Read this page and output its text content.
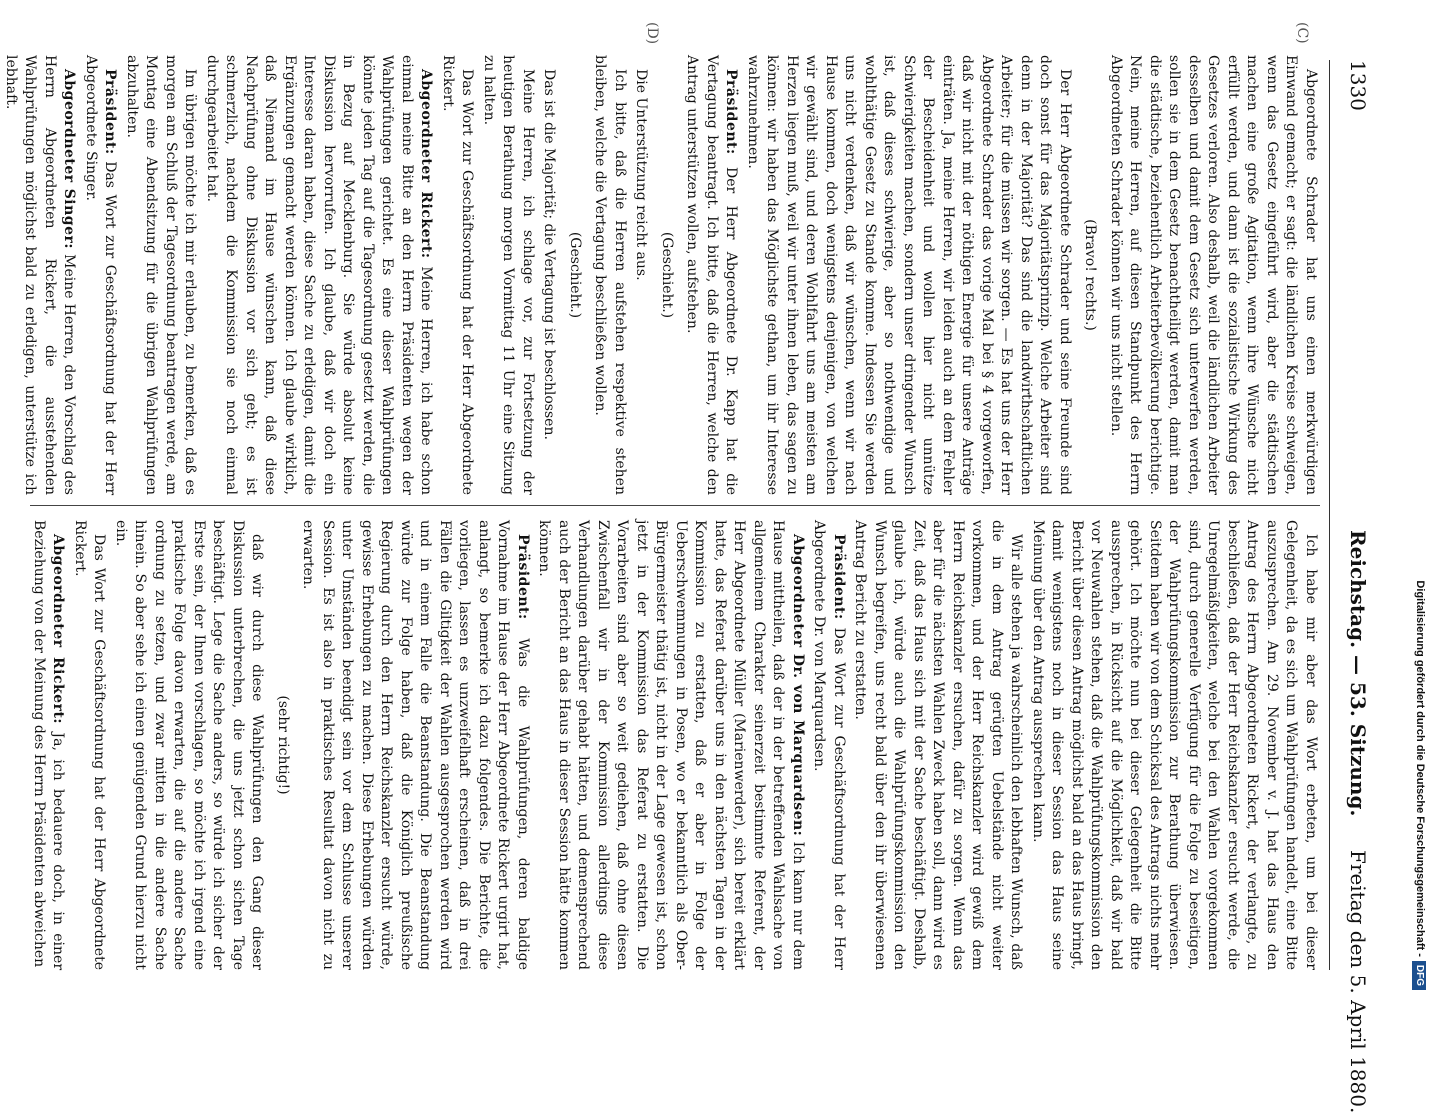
1330
Reichstag. — 53. Sitzung.
Freitag den 5. April 1880.
(C)
(D)

Abgeordnete Schrader hat uns einen merkwürdigen Einwand gemacht; er sagt: die ländlichen Kreise schweigen, wenn das Gesetz eingeführt wird, aber die städtischen machen eine große Agitation, wenn ihre Wünsche nicht erfüllt werden, und dann ist die sozialistische Wirkung des Gesetzes verloren. Also deshalb, weil die ländlichen Arbeiter desselben und damit dem Gesetz sich unterwerfen werden, sollen sie in dem Gesetz benachtheiligt werden, damit man die städtische, beziehentlich Arbeiterbevölkerung berichtige. Nein, meine Herren, auf diesen Standpunkt des Herrn Abgeordneten Schrader können wir uns nicht stellen.

(Bravo! rechts.)

Der Herr Abgeordnete Schrader und seine Freunde sind doch sonst für das Majoritätsprinzip. Welche Arbeiter sind denn in der Majorität? Das sind die landwirthschaftlichen Arbeiter; für die müssen wir sorgen. — Es hat uns der Herr Abgeordnete Schrader das vorige Mal bei § 4 vorgeworfen, daß wir nicht mit der nöthigen Energie für unsere Anträge einträten. Ja, meine Herren, wir leiden auch an dem Fehler der Bescheidenheit und wollen hier nicht unnütze Schwierigkeiten machen, sondern unser dringender Wunsch ist, daß dieses schwierige, aber so nothwendige und wohlthätige Gesetz zu Stande komme. Indessen Sie werden uns nicht verdenken, daß wir wünschen, wenn wir nach Hause kommen, doch wenigstens denjenigen, von welchen wir gewählt sind, und deren Wohlfahrt uns am meisten am Herzen liegen muß, weil wir unter ihnen leben, das sagen zu können: wir haben das Möglichste gethan, um ihr Interesse wahrzunehmen.

Präsident: Der Herr Abgeordnete Dr. Kapp hat die Vertagung beantragt. Ich bitte, daß die Herren, welche den Antrag unterstützen wollen, aufstehen.

(Geschieht.)

Die Unterstützung reicht aus.

Ich bitte, daß die Herren aufstehen respektive stehen bleiben, welche die Vertagung beschließen wollen.

(Geschieht.)

Das ist die Majorität; die Vertagung ist beschlossen.

Meine Herren, ich schlage vor, zur Fortsetzung der heutigen Berathung morgen Vormittag 11 Uhr eine Sitzung zu halten.

Das Wort zur Geschäftsordnung hat der Herr Abgeordnete Rickert.

Abgeordneter Rickert: Meine Herren, ich habe schon einmal meine Bitte an den Herrn Präsidenten wegen der Wahlprüfungen gerichtet. Es eine dieser Wahlprüfungen könnte jeden Tag auf die Tagesordnung gesetzt werden, die in Bezug auf Mecklenburg. Sie würde absolut keine Diskussion hervorrufen. Ich glaube, daß wir doch ein Interesse daran haben, diese Sache zu erledigen, damit die Ergänzungen gemacht werden können. Ich glaube wirklich, daß Niemand im Hause wünschen kann, daß diese Nachprüfung ohne Diskussion vor sich geht; es ist schmerzlich, nachdem die Kommission sie noch einmal durchgearbeitet hat.

Im übrigen möchte ich mir erlauben, zu bemerken, daß es morgen am Schluß der Tagesordnung beantragen werde, am Montag eine Abendsitzung für die übrigen Wahlprüfungen abzuhalten.

Präsident: Das Wort zur Geschäftsordnung hat der Herr Abgeordnete Singer.

Abgeordneter Singer: Meine Herren, den Vorschlag des Herrn Abgeordneten Rickert, die ausstehenden Wahlprüfungen möglichst bald zu erledigen, unterstütze ich lebhaft.

Ich habe mir aber das Wort erbeten, um bei dieser Gelegenheit, da es sich um Wahlprüfungen handelt, eine Bitte auszusprechen. Am 29. November v. J. hat das Haus den Antrag des Herrn Abgeordneten Rickert, der verlangte, zu beschließen, daß der Herr Reichskanzler ersucht werde, die Unregelmäßigkeiten, welche bei den Wahlen vorgekommen sind, durch generelle Verfügung für die Folge zu beseitigen, der Wahlprüfungskommission zur Berathung überwiesen. Seitdem haben wir von dem Schicksal des Antrags nichts mehr gehört. Ich möchte nun bei dieser Gelegenheit die Bitte aussprechen, in Rücksicht auf die Möglichkeit, daß wir bald vor Neuwahlen stehen, daß die Wahlprüfungskommission den Bericht über diesen Antrag möglichst bald an das Haus bringt, damit wenigstens noch in dieser Session das Haus seine Meinung über den Antrag aussprechen kann.

Wir alle stehen ja wahrscheinlich den lebhaften Wunsch, daß die in dem Antrag gerügten Uebelstände nicht weiter vorkommen, und der Herr Reichskanzler wird gewiß dem Herrn Reichskanzler ersuchen, dafür zu sorgen. Wenn das aber für die nächsten Wahlen Zweck haben soll, dann wird es Zeit, daß das Haus sich mit der Sache beschäftigt. Deshalb, glaube ich, würde auch die Wahlprüfungskommission den Wunsch begreifen, uns recht bald über den ihr überwiesenen Antrag Bericht zu erstatten.

Präsident: Das Wort zur Geschäftsordnung hat der Herr Abgeordnete Dr. von Marquardsen.

Abgeordneter Dr. von Marquardsen: Ich kann nur dem Hause mittheilen, daß der in der betreffenden Wahlsache von allgemeinem Charakter seinerzeit bestimmte Referent, der Herr Abgeordnete Müller (Marienwerder), sich bereit erklärt hatte, das Referat darüber uns in den nächsten Tagen in der Kommission zu erstatten, daß er aber in Folge der Ueberschwemmungen in Posen, wo er bekanntlich als Ober-Bürgermeister thätig ist, nicht in der Lage gewesen ist, schon jetzt in der Kommission das Referat zu erstatten. Die Vorarbeiten sind aber so weit gediehen, daß ohne diesen Zwischenfall wir in der Kommission allerdings diese Verhandlungen darüber gehabt hätten, und demensprechend auch der Bericht an das Haus in dieser Session hätte kommen können.

Präsident: Was die Wahlprüfungen, deren baldige Vornahme im Hause der Herr Abgeordnete Rickert urgirt hat, anlangt, so bemerke ich dazu folgendes. Die Berichte, die vorliegen, lassen es unzweifelhaft erscheinen, daß in drei Fällen die Giltigkeit der Wahlen ausgesprochen werden wird und in einem Falle die Beanstandung. Die Beanstandung würde zur Folge haben, daß die Königlich preußische Regierung durch den Herrn Reichskanzler ersucht würde, gewisse Erhebungen zu machen. Diese Erhebungen würden unter Umständen beendigt sein vor dem Schlusse unserer Session. Es ist also in praktisches Resultat davon nicht zu erwarten.

(sehr richtig!)

daß wir durch diese Wahlprüfungen den Gang dieser Diskussion unterbrechen, die uns jetzt schon sichen Tage beschäftigt. Lege die Sache anders, so würde ich sicher der Erste sein, der Ihnen vorschlagen, so möchte ich irgend eine praktische Folge davon erwarten, die auf die andere Sache ordnung zu setzen, und zwar mitten in die andere Sache hinein. So aber sehe ich einen genügenden Grund hierzu nicht ein.

Das Wort zur Geschäftsordnung hat der Herr Abgeordnete Rickert.

Abgeordneter Rickert: Ja, ich bedauere doch, in einer Beziehung von der Meinung des Herrn Präsidenten abweichen	Digitalisierung gefördert durch die Deutsche Forschungsgemeinschaft -DFG
